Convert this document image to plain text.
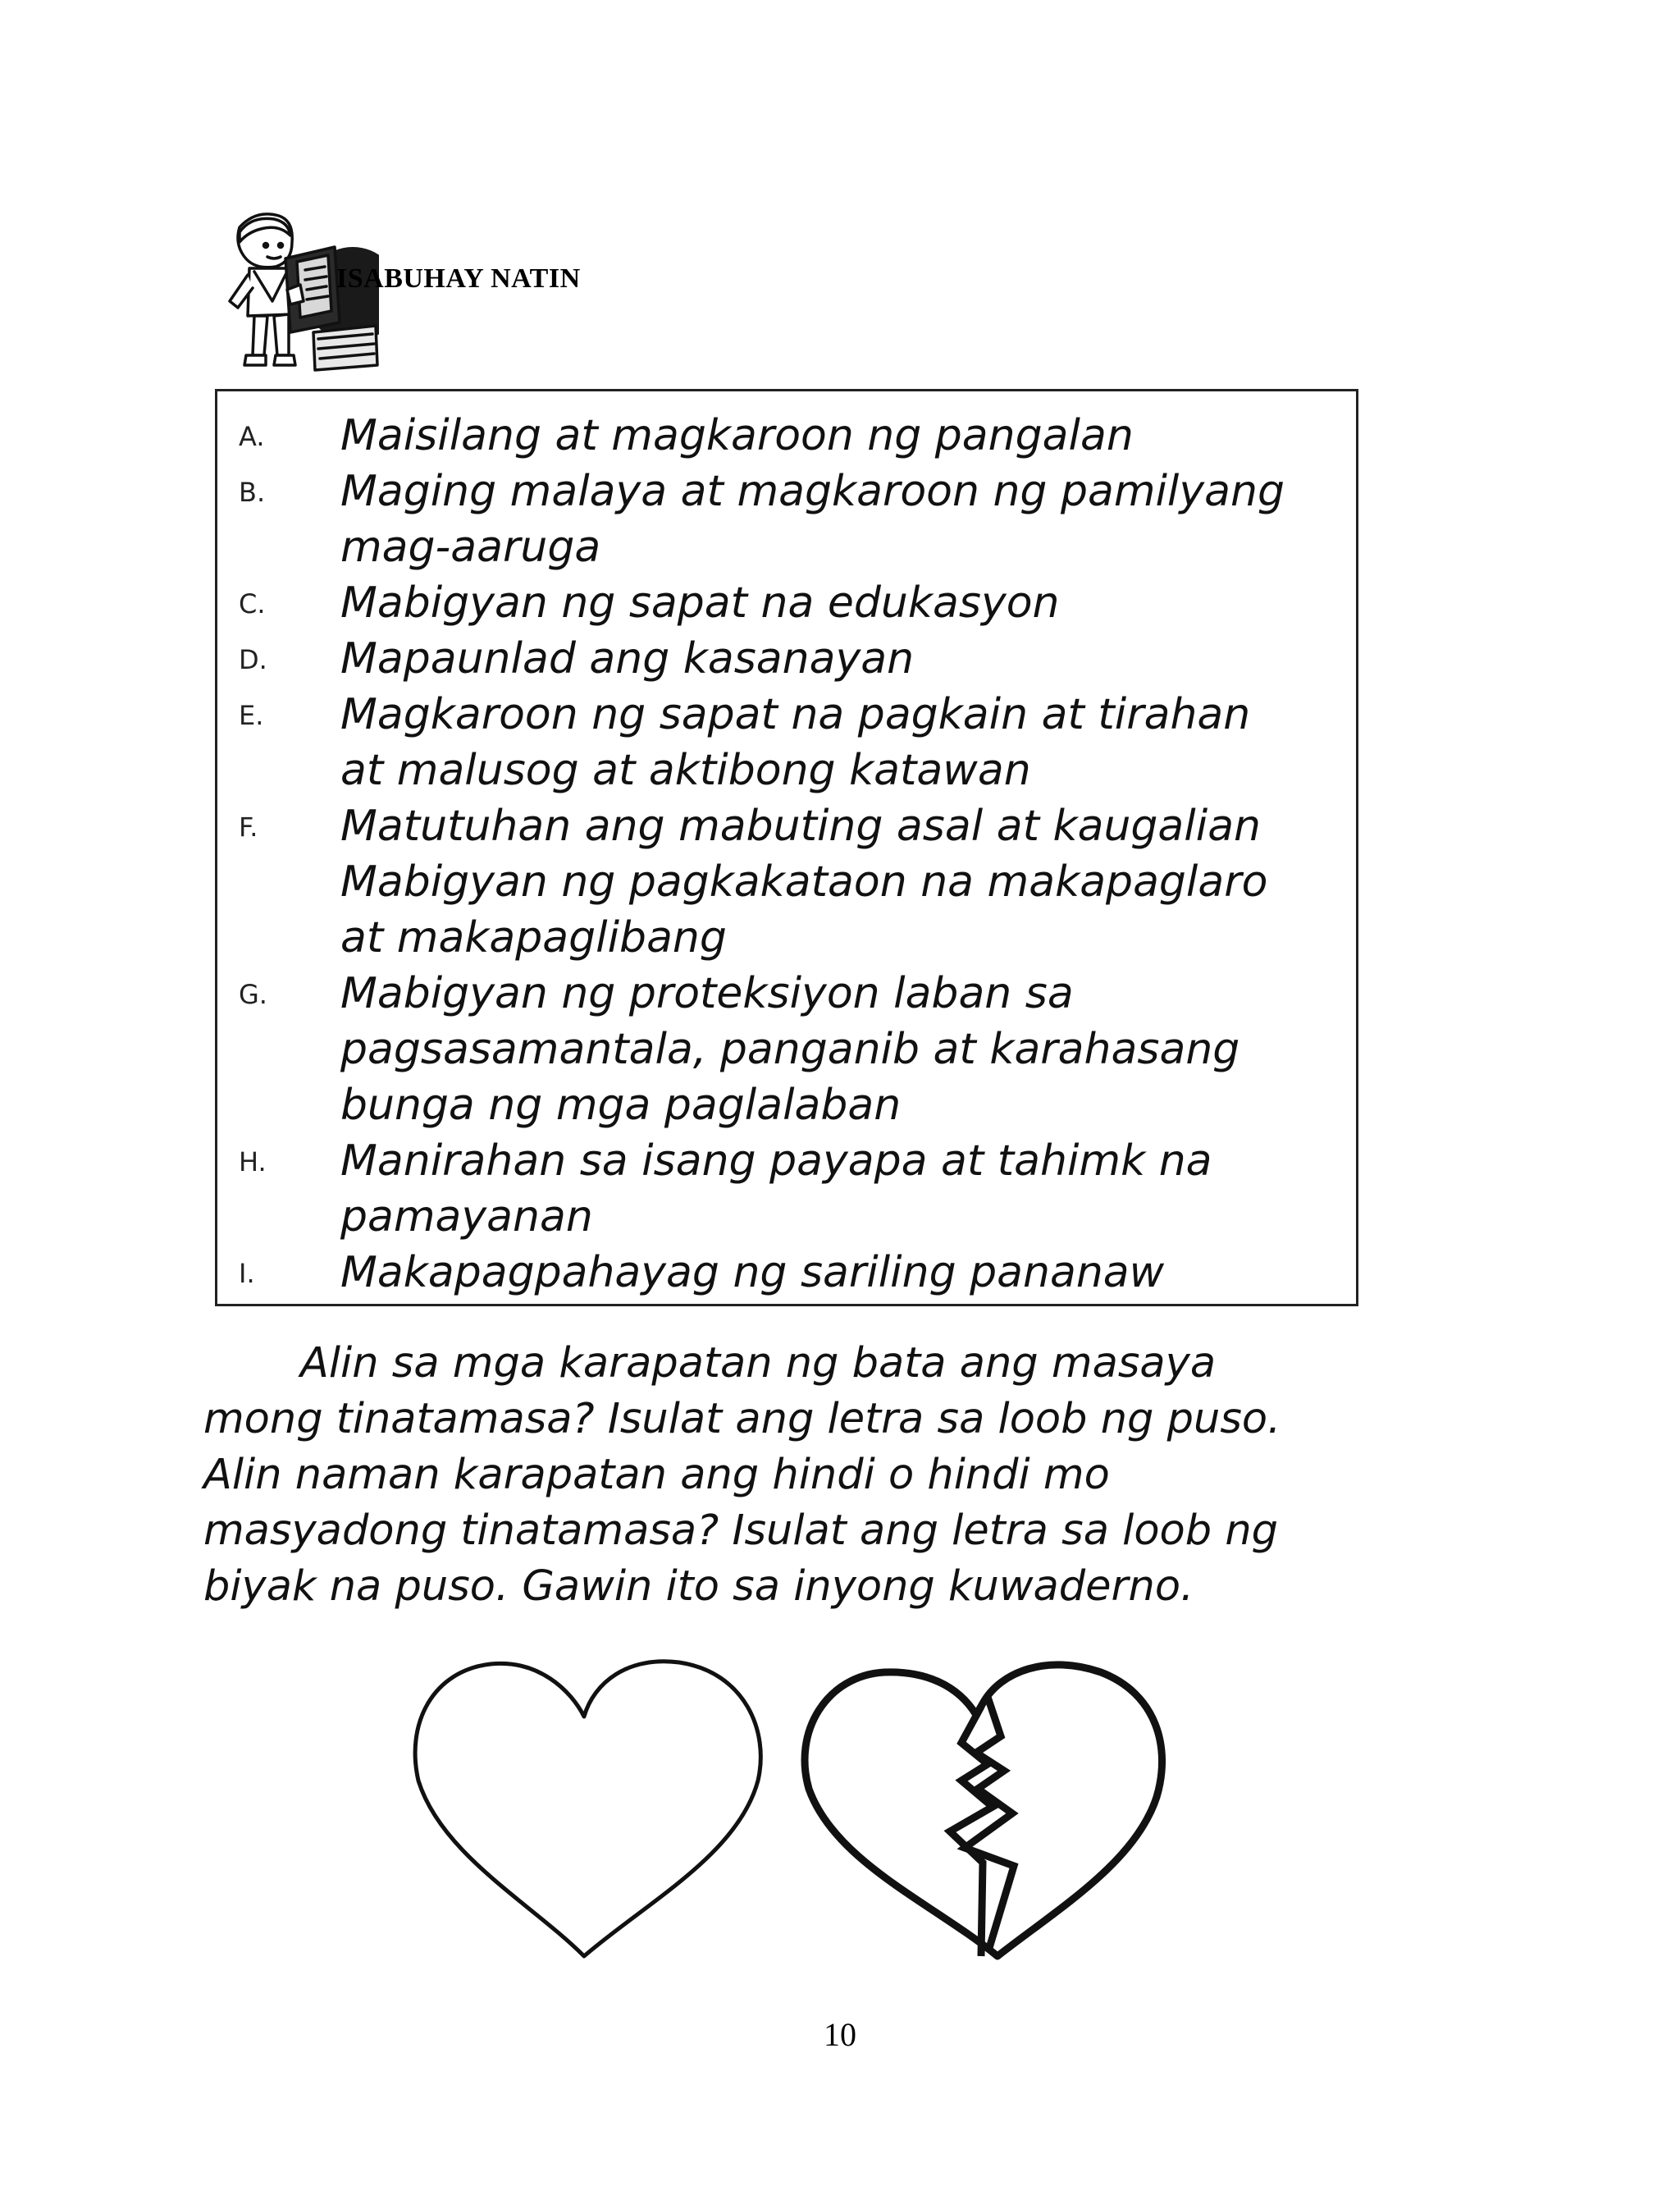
ISABUHAY NATIN
A. Maisilang at magkaroon ng pangalan
B. Maging malaya at magkaroon ng pamilyang
mag-aaruga
C. Mabigyan ng sapat na edukasyon
D. Mapaunlad ang kasanayan
E. Magkaroon ng sapat na pagkain at tirahan
at malusog at aktibong katawan
F. Matutuhan ang mabuting asal at kaugalian
Mabigyan ng pagkakataon na makapaglaro
at makapaglibang
G. Mabigyan ng proteksiyon laban sa
pagsasamantala, panganib at karahasang
bunga ng mga paglalaban
H. Manirahan sa isang payapa at tahimk na
pamayanan
I. Makapagpahayag ng sariling pananaw

Alin sa mga karapatan ng bata ang masaya
mong tinatamasa? Isulat ang letra sa loob ng puso.
Alin naman karapatan ang hindi o hindi mo
masyadong tinatamasa? Isulat ang letra sa loob ng
biyak na puso. Gawin ito sa inyong kuwaderno.

10
